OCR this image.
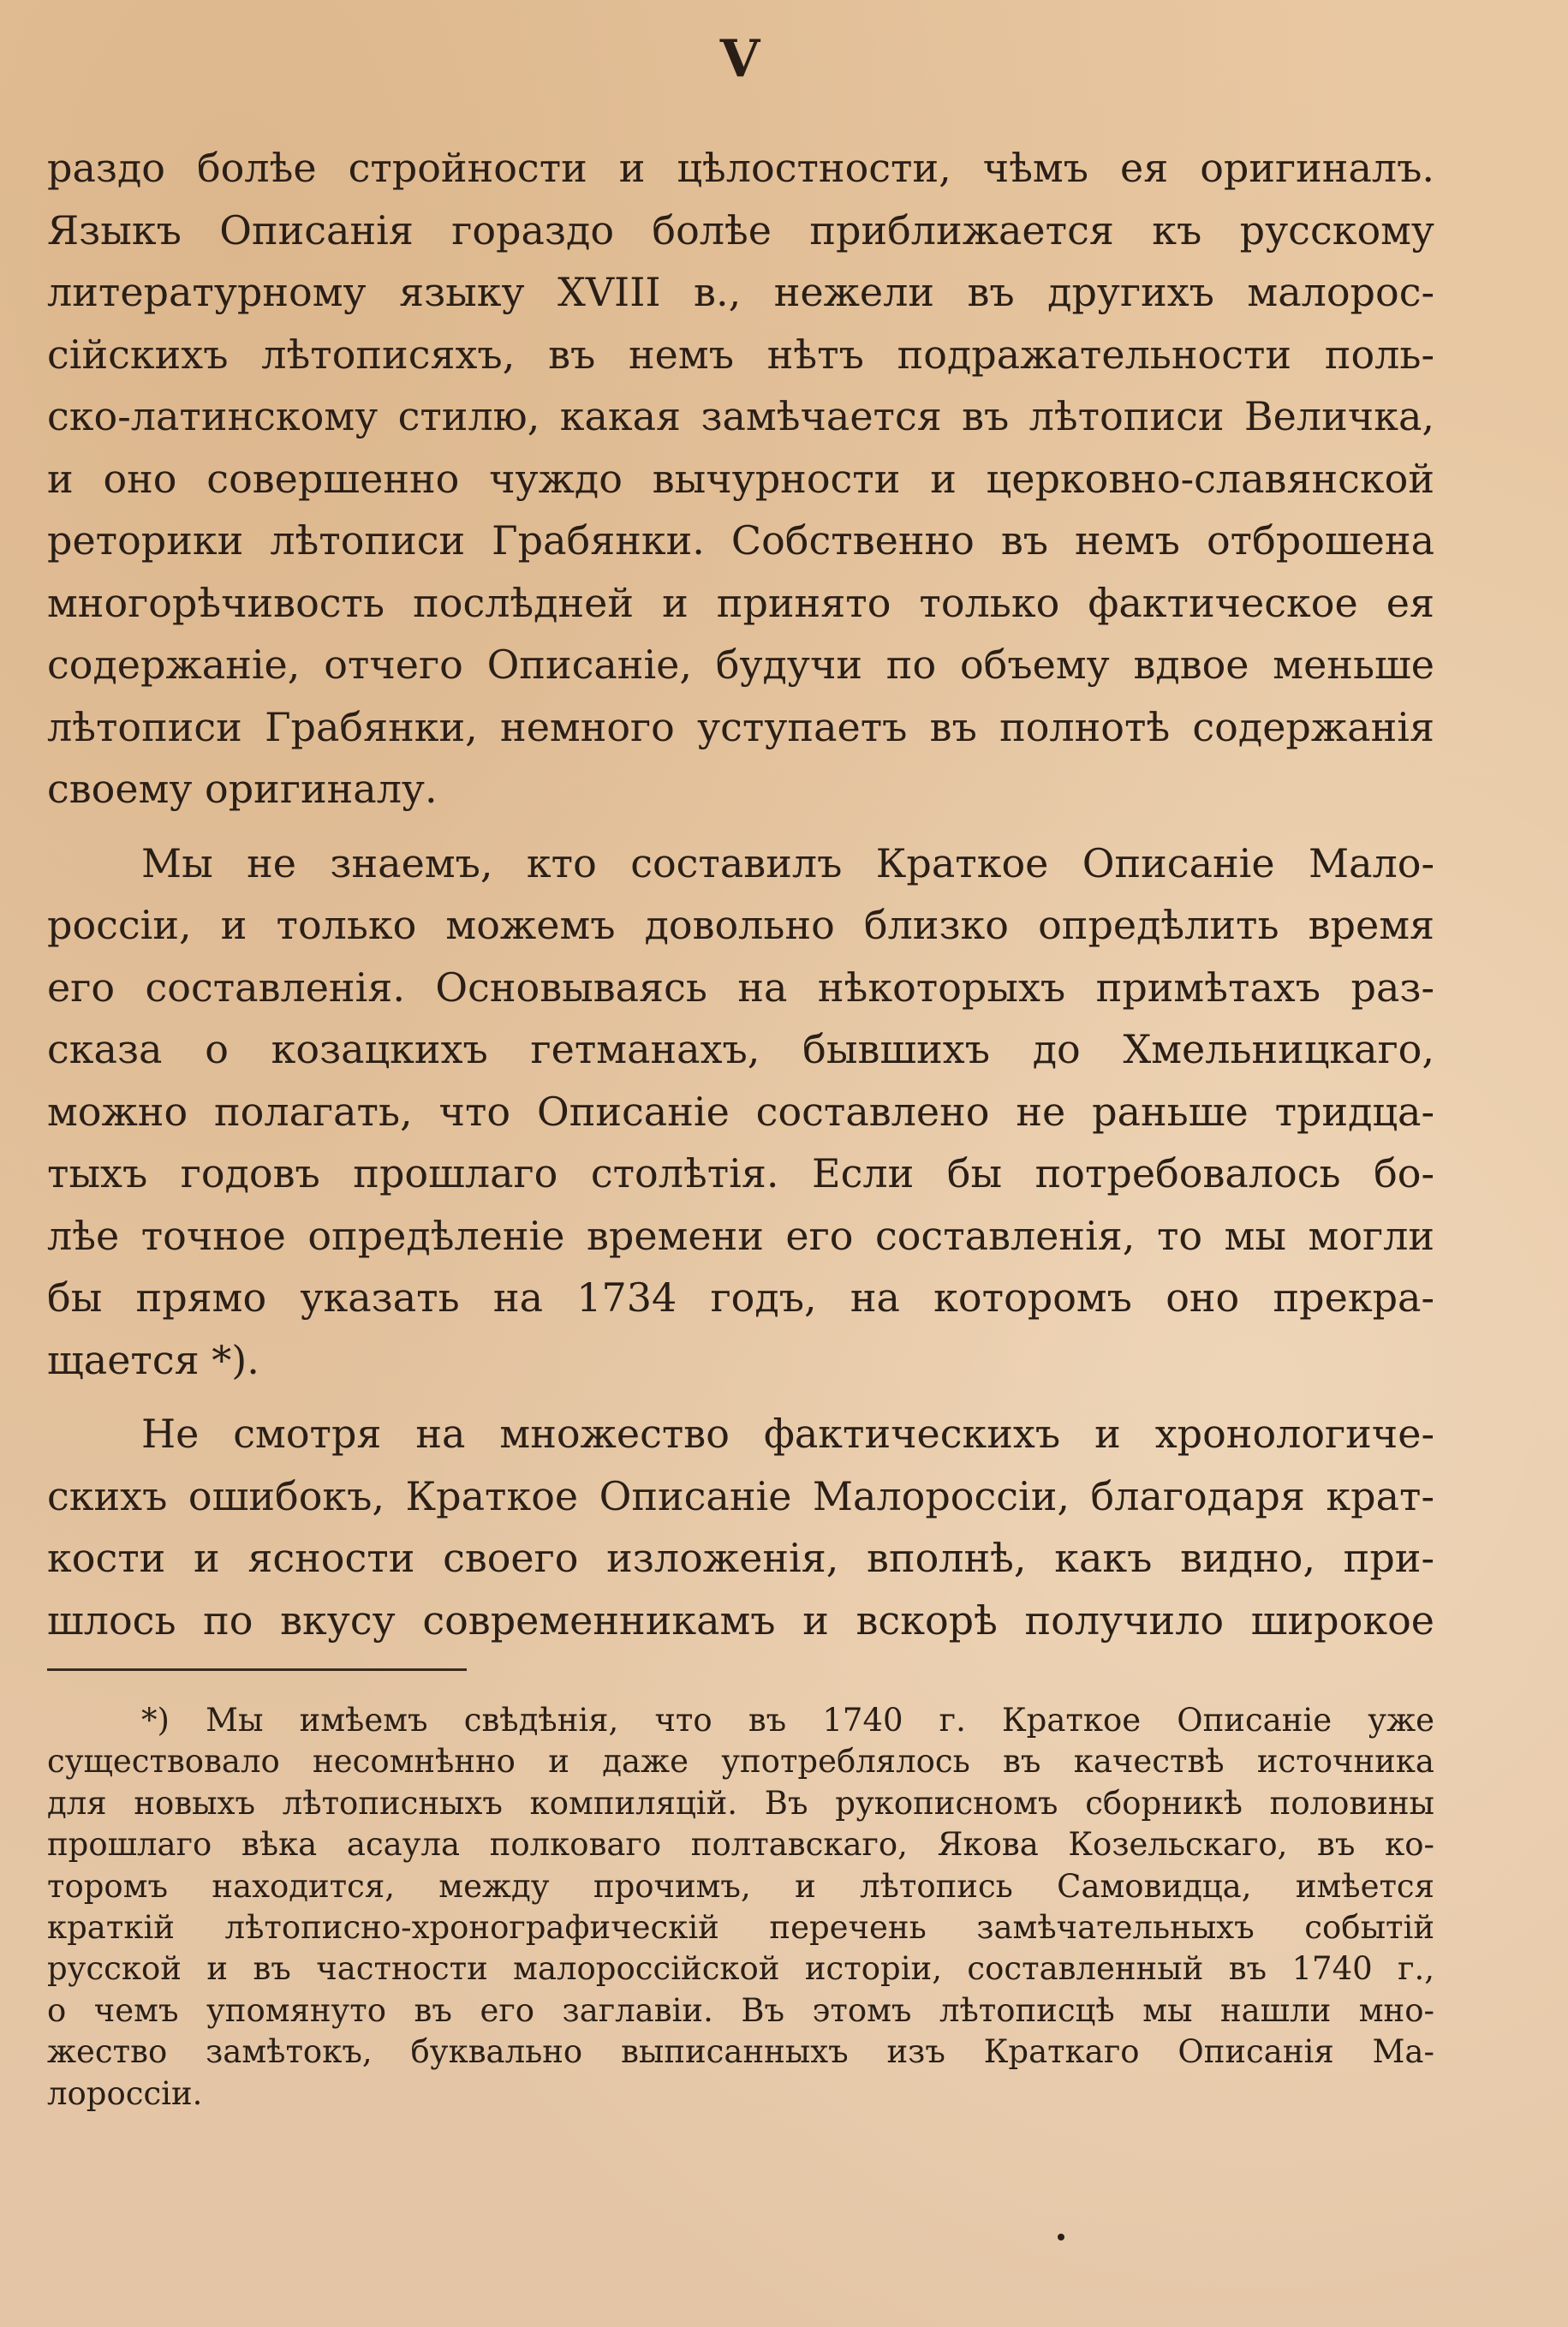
V
раздо болѣе стройности и цѣлостности, чѣмъ ея оригиналъ.
Языкъ Описанія гораздо болѣе приближается къ русскому
литературному языку XVIII в., нежели въ другихъ малорос-
сійскихъ лѣтописяхъ, въ немъ нѣтъ подражательности поль-
ско-латинскому стилю, какая замѣчается въ лѣтописи Величка,
и оно совершенно чуждо вычурности и церковно-славянской
реторики лѣтописи Грабянки. Собственно въ немъ отброшена
многорѣчивость послѣдней и принято только фактическое ея
содержаніе, отчего Описаніе, будучи по объему вдвое меньше
лѣтописи Грабянки, немного уступаетъ въ полнотѣ содержанія
своему оригиналу.
Мы не знаемъ, кто составилъ Краткое Описаніе Мало-
россіи, и только можемъ довольно близко опредѣлить время
его составленія. Основываясь на нѣкоторыхъ примѣтахъ раз-
сказа о козацкихъ гетманахъ, бывшихъ до Хмельницкаго,
можно полагать, что Описаніе составлено не раньше тридца-
тыхъ годовъ прошлаго столѣтія. Если бы потребовалось бо-
лѣе точное опредѣленіе времени его составленія, то мы могли
бы прямо указать на 1734 годъ, на которомъ оно прекра-
щается *).
Не смотря на множество фактическихъ и хронологиче-
скихъ ошибокъ, Краткое Описаніе Малороссіи, благодаря крат-
кости и ясности своего изложенія, вполнѣ, какъ видно, при-
шлось по вкусу современникамъ и вскорѣ получило широкое
*) Мы имѣемъ свѣдѣнія, что въ 1740 г. Краткое Описаніе уже
существовало несомнѣнно и даже употреблялось въ качествѣ источника
для новыхъ лѣтописныхъ компиляцій. Въ рукописномъ сборникѣ половины
прошлаго вѣка асаула полковаго полтавскаго, Якова Козельскаго, въ ко-
торомъ находится, между прочимъ, и лѣтопись Самовидца, имѣется
краткій лѣтописно-хронографическій перечень замѣчательныхъ событій
русской и въ частности малороссійской исторіи, составленный въ 1740 г.,
о чемъ упомянуто въ его заглавіи. Въ этомъ лѣтописцѣ мы нашли мно-
жество замѣтокъ, буквально выписанныхъ изъ Краткаго Описанія Ма-
лороссіи.
